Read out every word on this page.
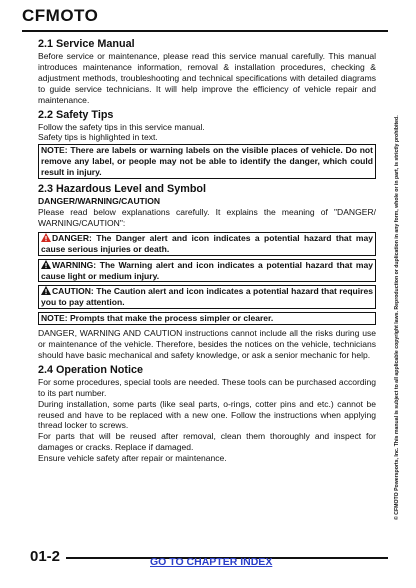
CFMOTO
2.1 Service Manual

Before service or maintenance, please read this service manual carefully. This manual introduces maintenance information, removal & installation procedures, checking & adjustment methods, troubleshooting and technical specifications with detailed diagrams to guide service technicians. It will help improve the efficiency of vehicle repair and maintenance.

2.2 Safety Tips

Follow the safety tips in this service manual.

Safety tips is highlighted in text.

NOTE: There are labels or warning labels on the visible places of vehicle. Do not remove any label, or people may not be able to identify the danger, which could result in injury.
2.3 Hazardous Level and Symbol
DANGER/WARNING/CAUTION

Please read below explanations carefully. It explains the meaning of "DANGER/ WARNING/CAUTION":

DANGER: The Danger alert and icon indicates a potential hazard that may cause serious injuries or death.
WARNING: The Warning alert and icon indicates a potential hazard that may cause light or medium injury.
CAUTION: The Caution alert and icon indicates a potential hazard that requires you to pay attention.
NOTE: Prompts that make the process simpler or clearer.

DANGER, WARNING AND CAUTION instructions cannot include all the risks during use or maintenance of the vehicle. Therefore, besides the notices on the vehicle, technicians should have basic mechanical and safety knowledge, or ask a senior mechanic for help.

2.4 Operation Notice

For some procedures, special tools are needed. These tools can be purchased according to its part number.

During installation, some parts (like seal parts, o-rings, cotter pins and etc.) cannot be reused and have to be replaced with a new one. Follow the instructions when applying thread locker to screws.

For parts that will be reused after removal, clean them thoroughly and inspect for damages or cracks. Replace if damaged.

Ensure vehicle safety after repair or maintenance.	© CFMOTO Powersports, Inc. This manual is subject to all applicable copyright laws. Reproduction or duplication in any form, whole or in part, is strictly prohibited.
01-2	GO TO CHAPTER INDEX
